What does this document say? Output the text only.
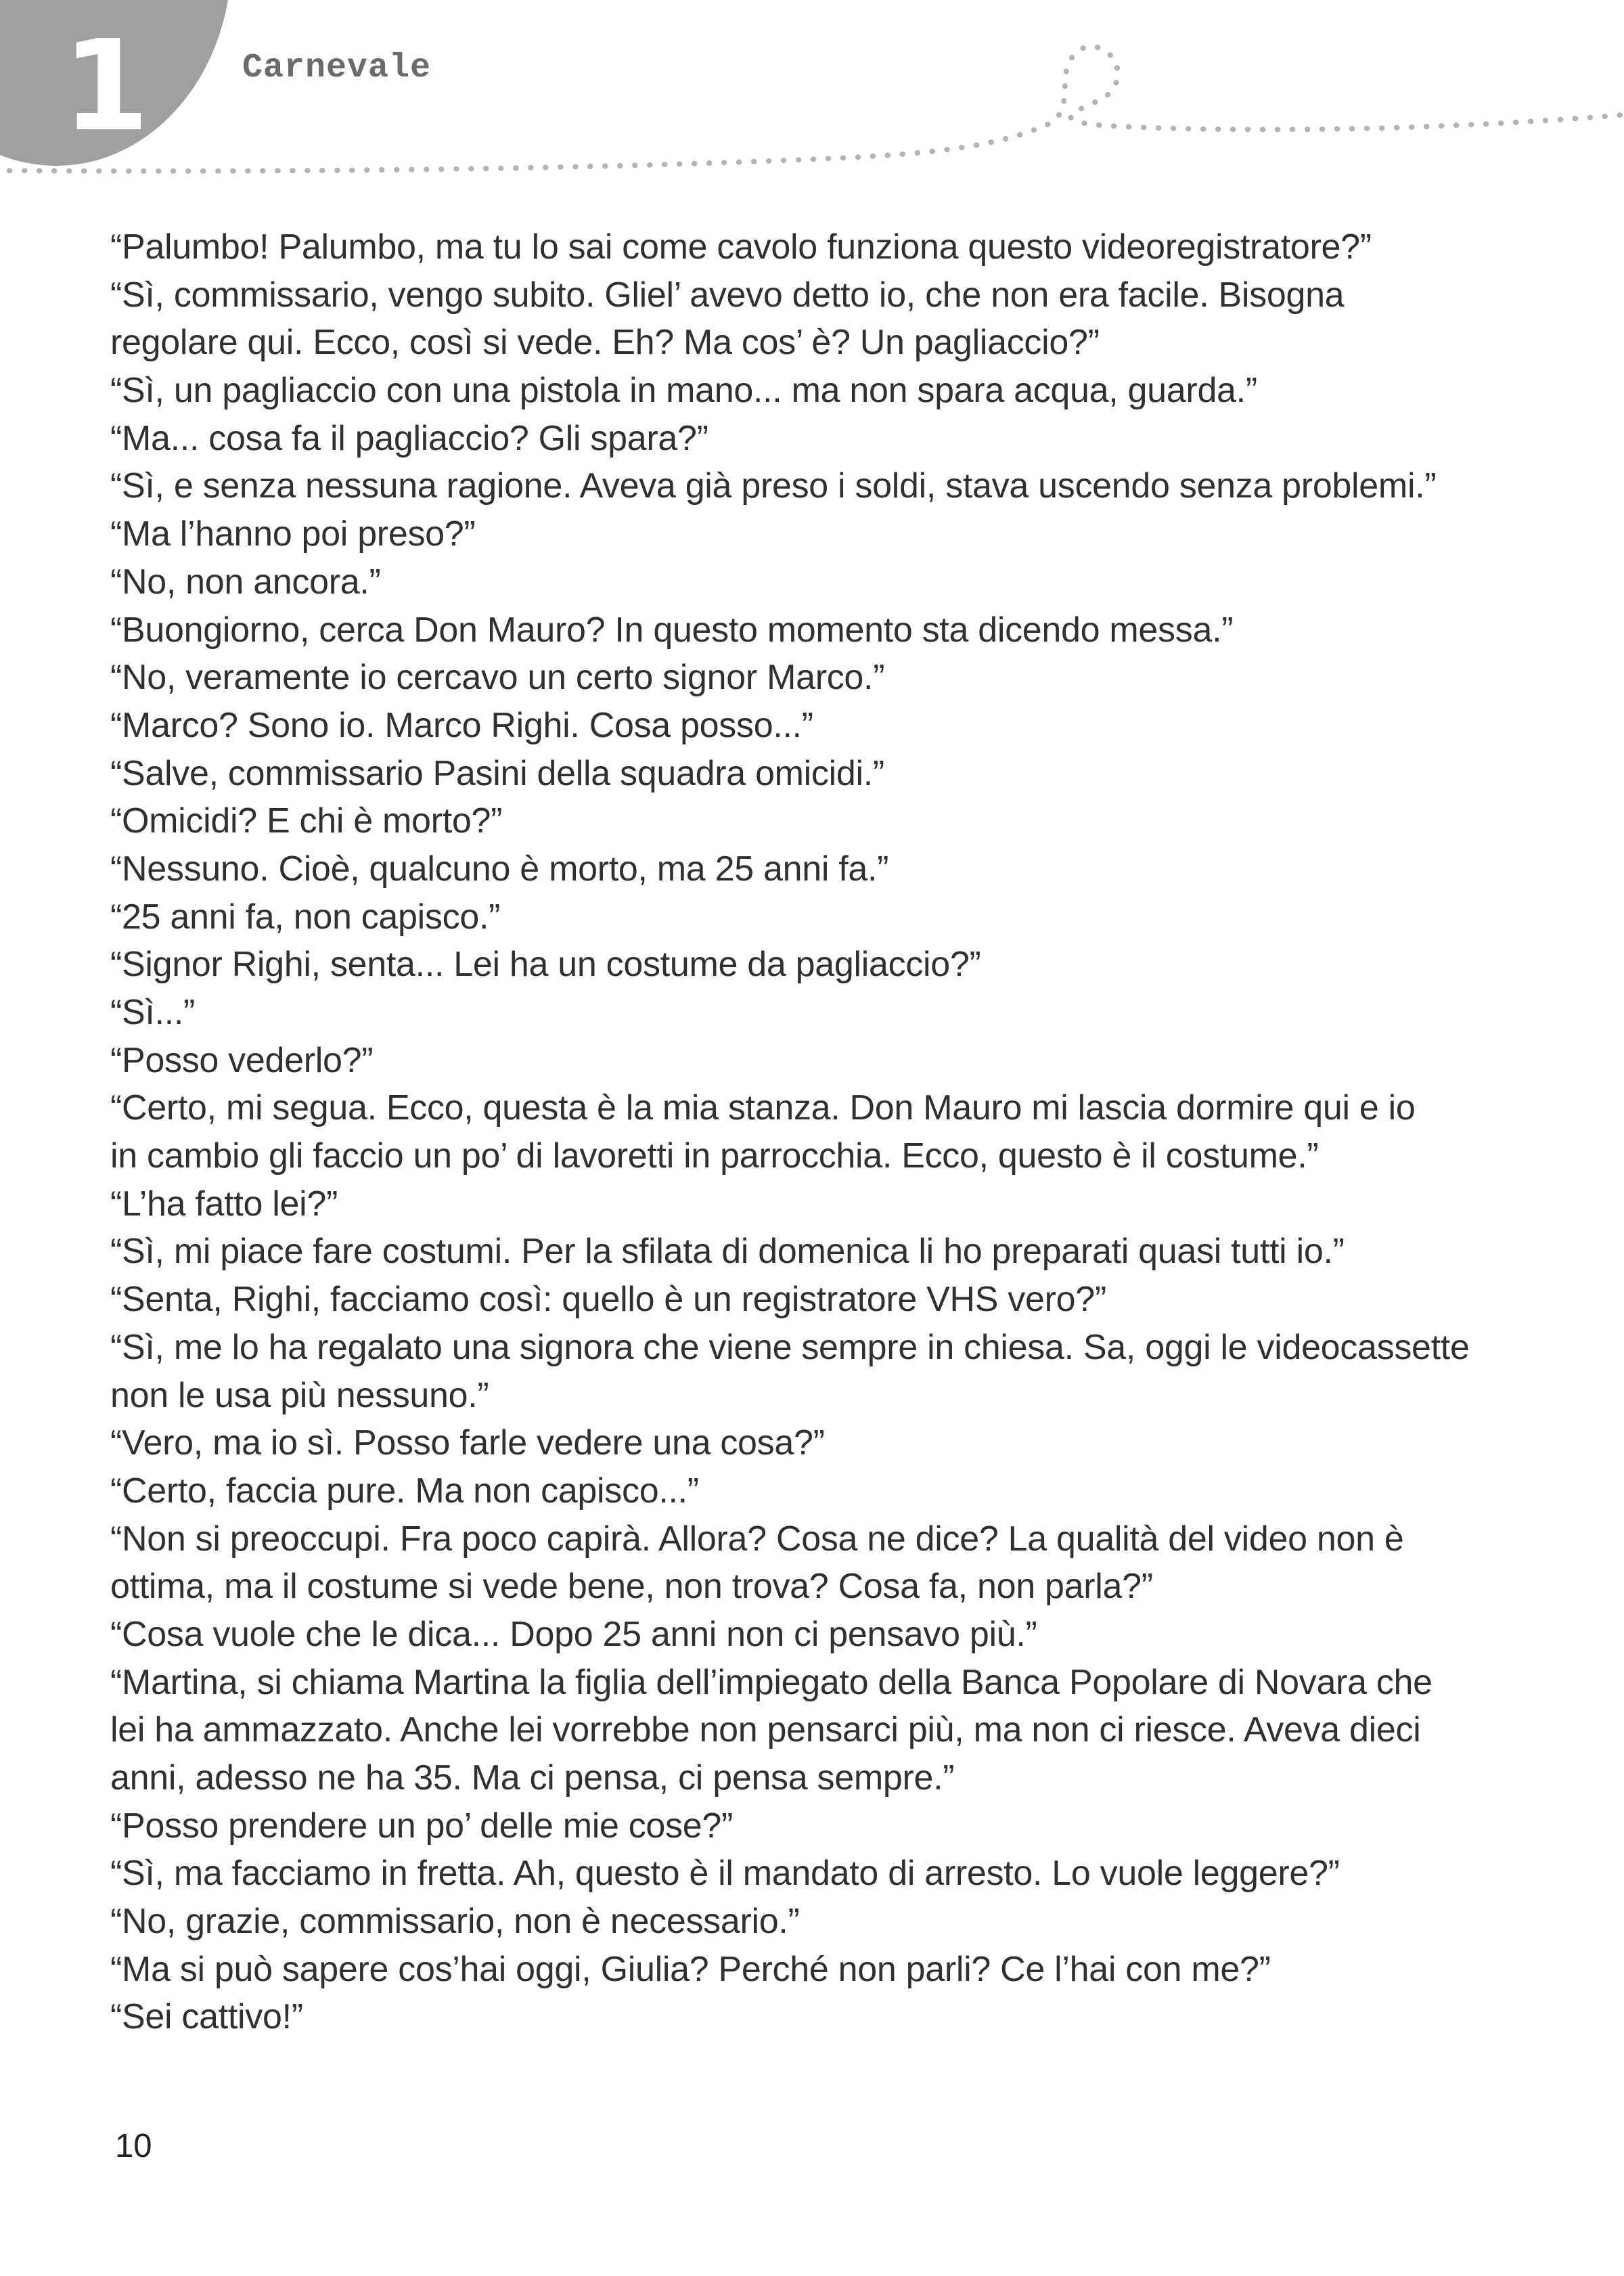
1	Carnevale
“Palumbo! Palumbo, ma tu lo sai come cavolo funziona questo videoregistratore?”
“Sì, commissario, vengo subito. Gliel’ avevo detto io, che non era facile. Bisogna
regolare qui. Ecco, così si vede. Eh? Ma cos’ è? Un pagliaccio?”
“Sì, un pagliaccio con una pistola in mano... ma non spara acqua, guarda.”
“Ma... cosa fa il pagliaccio? Gli spara?”
“Sì, e senza nessuna ragione. Aveva già preso i soldi, stava uscendo senza problemi.”
“Ma l’hanno poi preso?”
“No, non ancora.”
“Buongiorno, cerca Don Mauro? In questo momento sta dicendo messa.”
“No, veramente io cercavo un certo signor Marco.”
“Marco? Sono io. Marco Righi. Cosa posso...”
“Salve, commissario Pasini della squadra omicidi.”
“Omicidi? E chi è morto?”
“Nessuno. Cioè, qualcuno è morto, ma 25 anni fa.”
“25 anni fa, non capisco.”
“Signor Righi, senta... Lei ha un costume da pagliaccio?”
“Sì...”
“Posso vederlo?”
“Certo, mi segua. Ecco, questa è la mia stanza. Don Mauro mi lascia dormire qui e io
in cambio gli faccio un po’ di lavoretti in parrocchia. Ecco, questo è il costume.”
“L’ha fatto lei?”
“Sì, mi piace fare costumi. Per la sfilata di domenica li ho preparati quasi tutti io.”
“Senta, Righi, facciamo così: quello è un registratore VHS vero?”
“Sì, me lo ha regalato una signora che viene sempre in chiesa. Sa, oggi le videocassette
non le usa più nessuno.”
“Vero, ma io sì. Posso farle vedere una cosa?”
“Certo, faccia pure. Ma non capisco...”
“Non si preoccupi. Fra poco capirà. Allora? Cosa ne dice? La qualità del video non è
ottima, ma il costume si vede bene, non trova? Cosa fa, non parla?”
“Cosa vuole che le dica... Dopo 25 anni non ci pensavo più.”
“Martina, si chiama Martina la figlia dell’impiegato della Banca Popolare di Novara che
lei ha ammazzato. Anche lei vorrebbe non pensarci più, ma non ci riesce. Aveva dieci
anni, adesso ne ha 35. Ma ci pensa, ci pensa sempre.”
“Posso prendere un po’ delle mie cose?”
“Sì, ma facciamo in fretta. Ah, questo è il mandato di arresto. Lo vuole leggere?”
“No, grazie, commissario, non è necessario.”
“Ma si può sapere cos’hai oggi, Giulia? Perché non parli? Ce l’hai con me?”
“Sei cattivo!”
10
